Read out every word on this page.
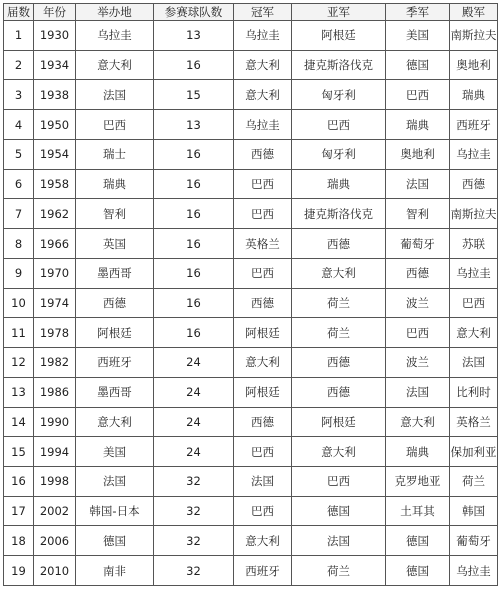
届数	年份	举办地	参赛球队数	冠军	亚军	季军	殿军
1	1930	乌拉圭	13	乌拉圭	阿根廷	美国	南斯拉夫
2	1934	意大利	16	意大利	捷克斯洛伐克	德国	奥地利
3	1938	法国	15	意大利	匈牙利	巴西	瑞典
4	1950	巴西	13	乌拉圭	巴西	瑞典	西班牙
5	1954	瑞士	16	西德	匈牙利	奥地利	乌拉圭
6	1958	瑞典	16	巴西	瑞典	法国	西德
7	1962	智利	16	巴西	捷克斯洛伐克	智利	南斯拉夫
8	1966	英国	16	英格兰	西德	葡萄牙	苏联
9	1970	墨西哥	16	巴西	意大利	西德	乌拉圭
10	1974	西德	16	西德	荷兰	波兰	巴西
11	1978	阿根廷	16	阿根廷	荷兰	巴西	意大利
12	1982	西班牙	24	意大利	西德	波兰	法国
13	1986	墨西哥	24	阿根廷	西德	法国	比利时
14	1990	意大利	24	西德	阿根廷	意大利	英格兰
15	1994	美国	24	巴西	意大利	瑞典	保加利亚
16	1998	法国	32	法国	巴西	克罗地亚	荷兰
17	2002	韩国-日本	32	巴西	德国	土耳其	韩国
18	2006	德国	32	意大利	法国	德国	葡萄牙
19	2010	南非	32	西班牙	荷兰	德国	乌拉圭
